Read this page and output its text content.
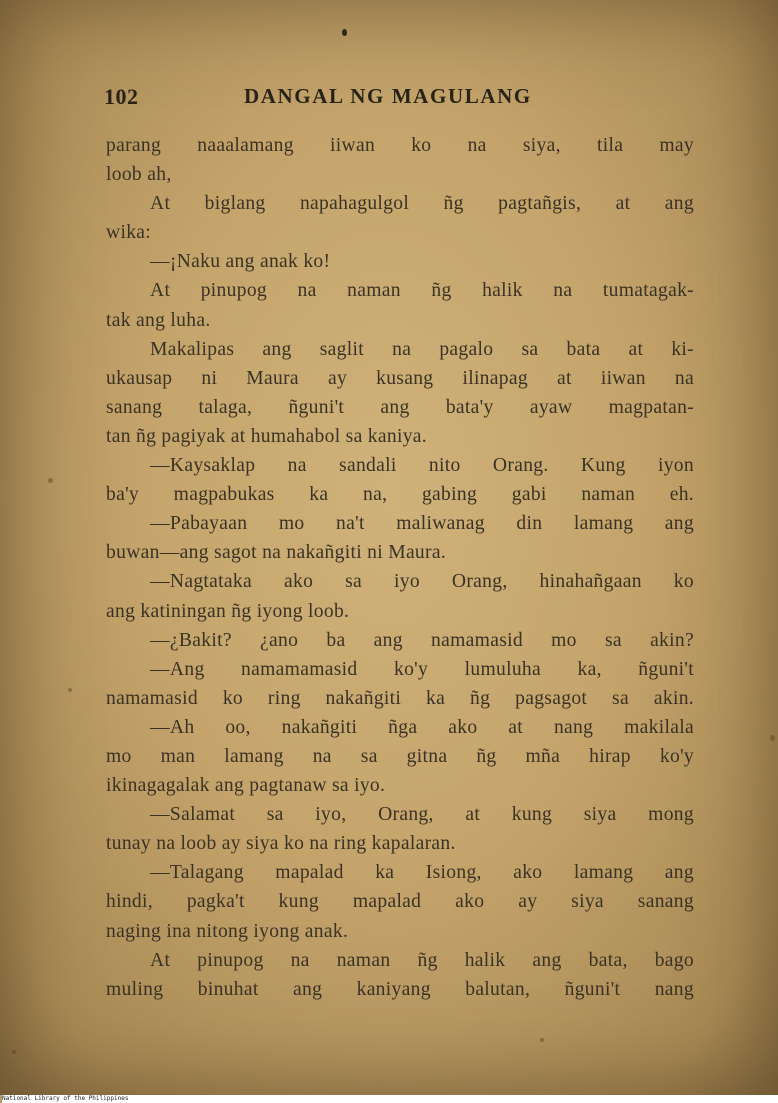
102	DANGAL NG MAGULANG
parang naaalamang iiwan ko na siya, tila may
loob ah,
At biglang napahagulgol ñg pagtañgis, at ang
wika:
—¡Naku ang anak ko!
At pinupog na naman ñg halik na tumatagak-
tak ang luha.
Makalipas ang saglit na pagalo sa bata at ki-
ukausap ni Maura ay kusang ilinapag at iiwan na
sanang talaga, ñguni't ang bata'y ayaw magpatan-
tan ñg pagiyak at humahabol sa kaniya.
—Kaysaklap na sandali nito Orang. Kung iyon
ba'y magpabukas ka na, gabing gabi naman eh.
—Pabayaan mo na't maliwanag din lamang ang
buwan—ang sagot na nakañgiti ni Maura.
—Nagtataka ako sa iyo Orang, hinahañgaan ko
ang katiningan ñg iyong loob.
—¿Bakit? ¿ano ba ang namamasid mo sa akin?
—Ang namamamasid ko'y lumuluha ka, ñguni't
namamasid ko ring nakañgiti ka ñg pagsagot sa akin.
—Ah oo, nakañgiti ñga ako at nang makilala
mo man lamang na sa gitna ñg mña hirap ko'y
ikinagagalak ang pagtanaw sa iyo.
—Salamat sa iyo, Orang, at kung siya mong
tunay na loob ay siya ko na ring kapalaran.
—Talagang mapalad ka Isiong, ako lamang ang
hindi, pagka't kung mapalad ako ay siya sanang
naging ina nitong iyong anak.
At pinupog na naman ñg halik ang bata, bago
muling binuhat ang kaniyang balutan, ñguni't nang
National Library of the Philippines
